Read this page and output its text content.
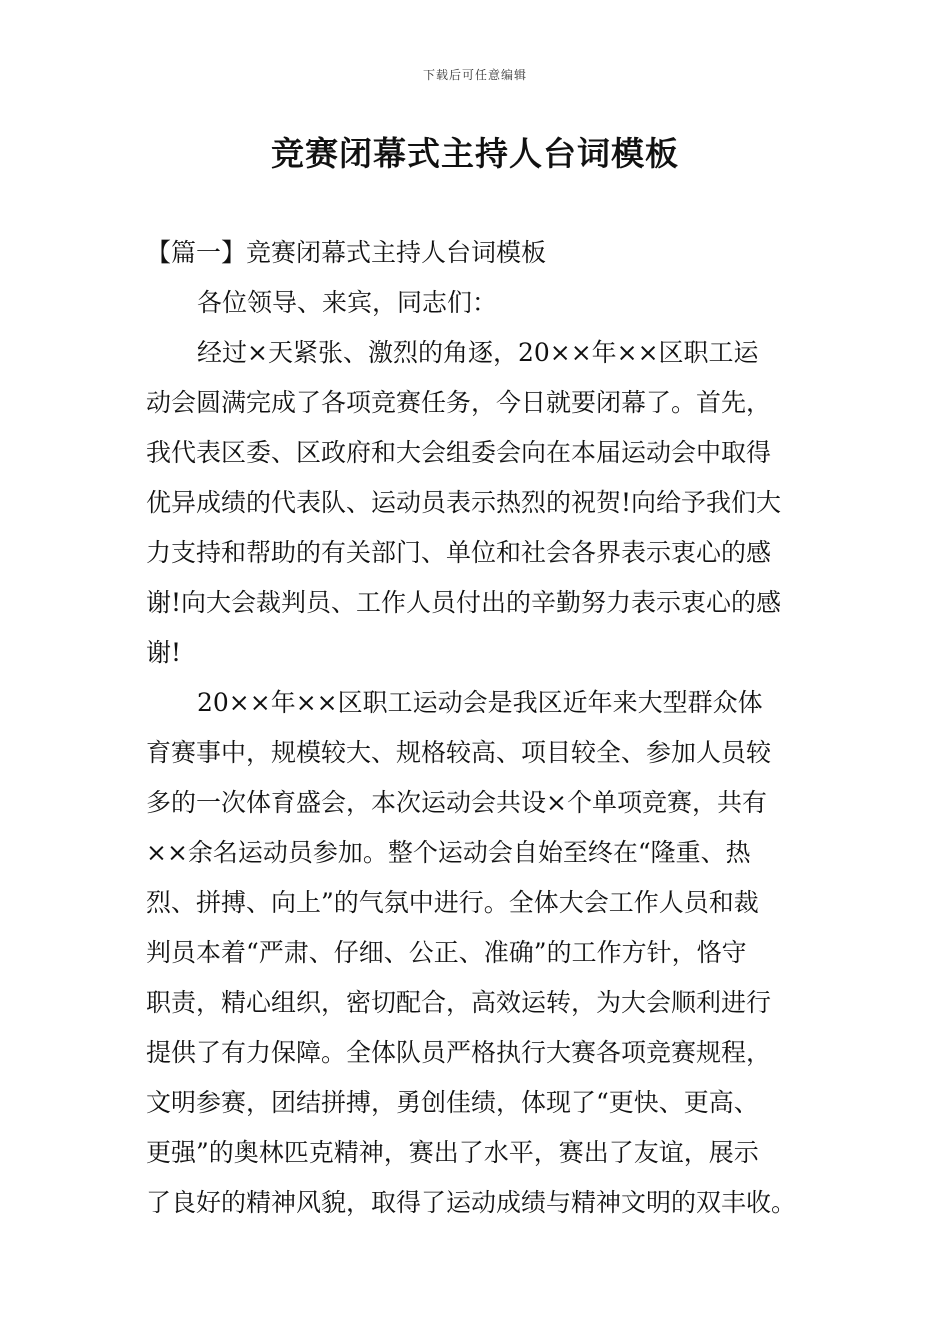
下载后可任意编辑
竞赛闭幕式主持人台词模板
【篇一】竞赛闭幕式主持人台词模板
各位领导、来宾，同志们：
经过×天紧张、激烈的角逐，20××年××区职工运
动会圆满完成了各项竞赛任务，今日就要闭幕了。首先，
我代表区委、区政府和大会组委会向在本届运动会中取得
优异成绩的代表队、运动员表示热烈的祝贺!向给予我们大
力支持和帮助的有关部门、单位和社会各界表示衷心的感
谢!向大会裁判员、工作人员付出的辛勤努力表示衷心的感
谢!
20××年××区职工运动会是我区近年来大型群众体
育赛事中，规模较大、规格较高、项目较全、参加人员较
多的一次体育盛会，本次运动会共设×个单项竞赛，共有
××余名运动员参加。整个运动会自始至终在“隆重、热
烈、拼搏、向上”的气氛中进行。全体大会工作人员和裁
判员本着“严肃、仔细、公正、准确”的工作方针，恪守
职责，精心组织，密切配合，高效运转，为大会顺利进行
提供了有力保障。全体队员严格执行大赛各项竞赛规程，
文明参赛，团结拼搏，勇创佳绩，体现了“更快、更高、
更强”的奥林匹克精神，赛出了水平，赛出了友谊，展示
了良好的精神风貌，取得了运动成绩与精神文明的双丰收。
